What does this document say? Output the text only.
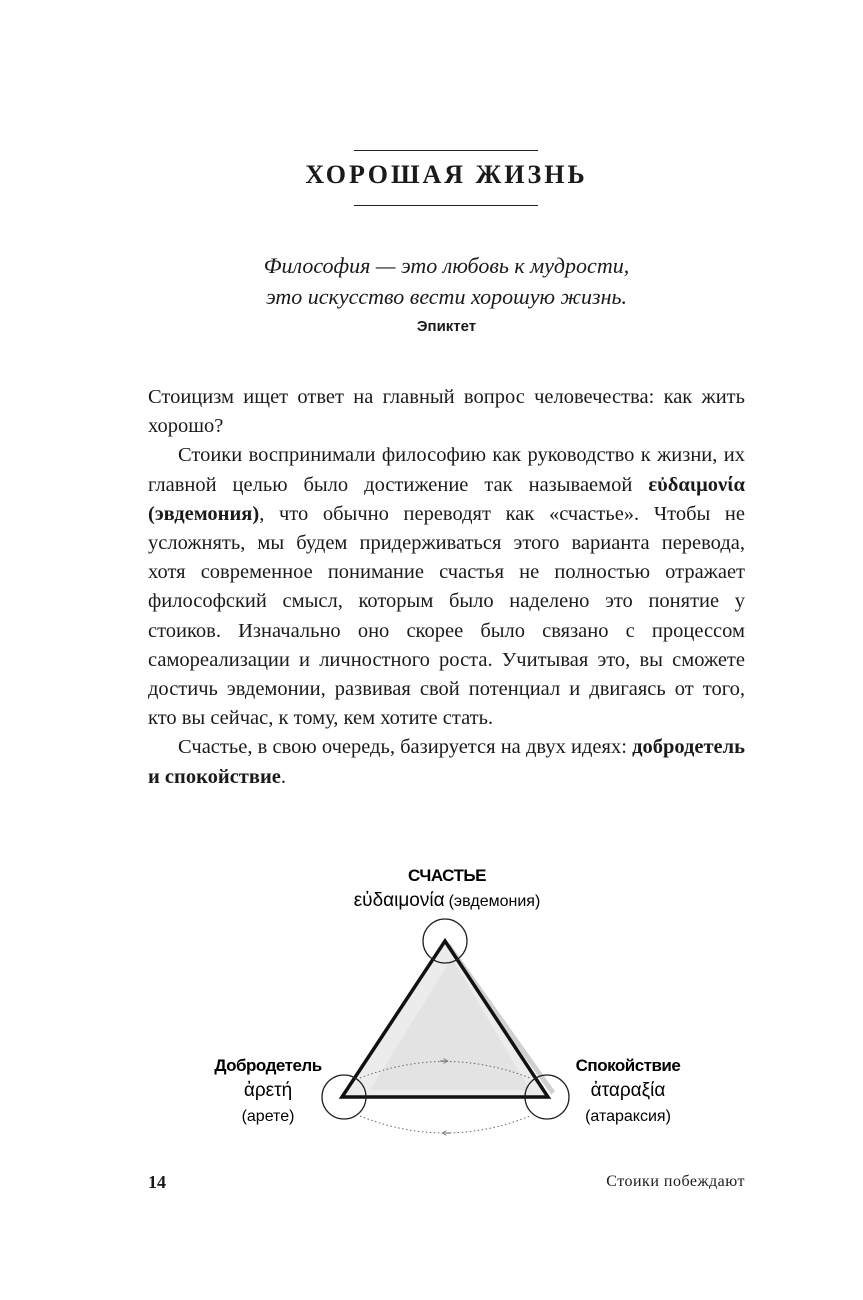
ХОРОШАЯ ЖИЗНЬ
Философия — это любовь к мудрости,
это искусство вести хорошую жизнь.
Эпиктет

Стоицизм ищет ответ на главный вопрос человечества: как жить хорошо?

Стоики воспринимали философию как руководство к жизни, их главной целью было достижение так называемой εὐδαιμονία (эвдемония), что обычно переводят как «счастье». Чтобы не усложнять, мы будем придерживаться этого варианта перевода, хотя современное понимание счастья не полностью отражает философский смысл, которым было наделено это понятие у стоиков. Изначально оно скорее было связано с процессом самореализации и личностного роста. Учитывая это, вы сможете достичь эвдемонии, развивая свой потенциал и двигаясь от того, кто вы сейчас, к тому, кем хотите стать.

Счастье, в свою очередь, базируется на двух идеях: добродетель и спокойствие.

СЧАСТЬЕ
εὐδαιμονία (эвдемония)
Добродетель
ἀρετή
(арете)
Спокойствие
ἀταραξία
(атараксия)
14	Стоики побеждают
